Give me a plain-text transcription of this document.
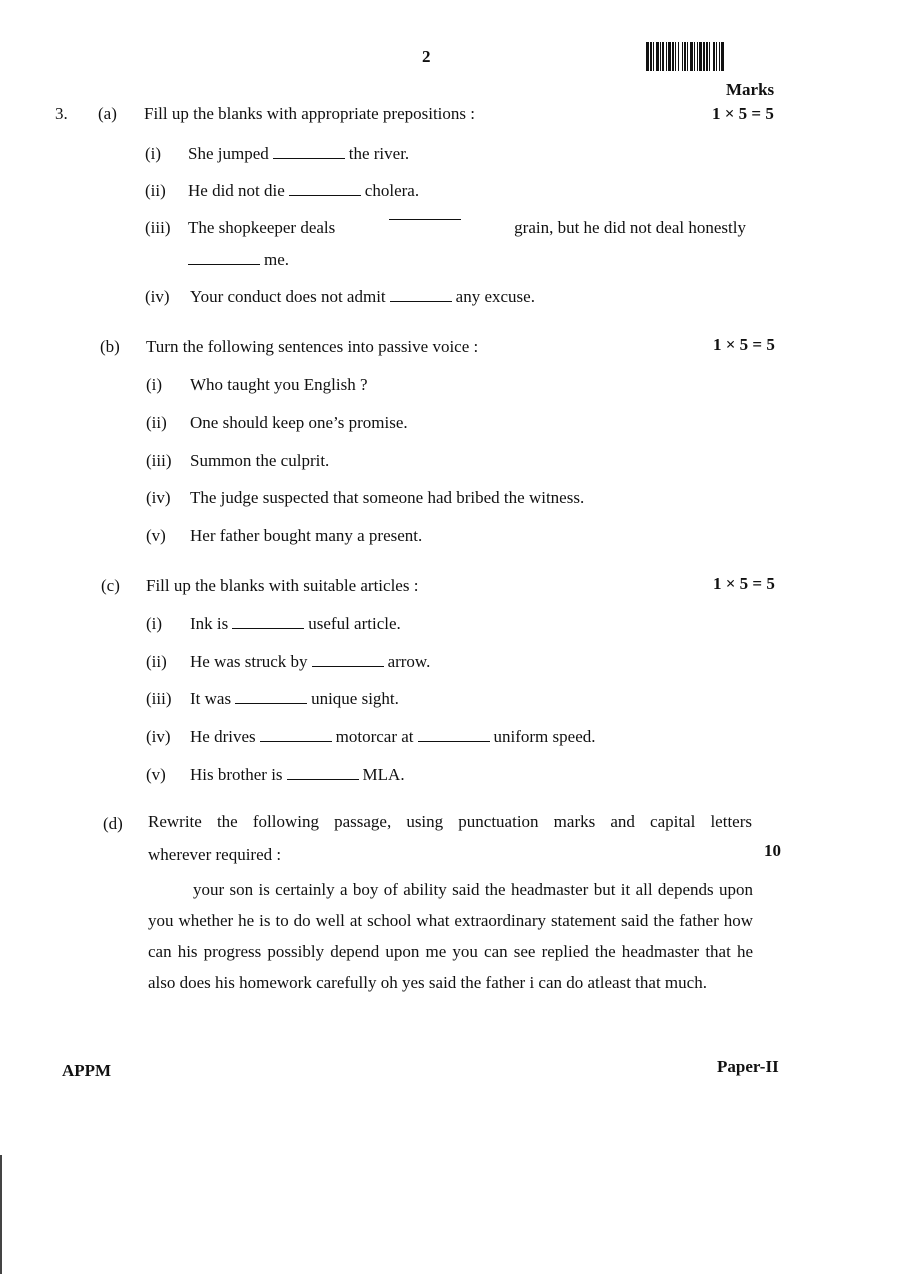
2
Marks
3. (a) Fill up the blanks with appropriate prepositions :	1 × 5 = 5
(i)	She jumped	the river.
(ii)	He did not die	cholera.
(iii)	The shopkeeper deals	grain, but he did not deal honestly
me.
(iv)	Your conduct does not admit	any excuse.
(b) Turn the following sentences into passive voice :	1 × 5 = 5
(i)	Who taught you English ?
(ii)	One should keep one’s promise.
(iii)	Summon the culprit.
(iv)	The judge suspected that someone had bribed the witness.
(v)	Her father bought many a present.
(c) Fill up the blanks with suitable articles :	1 × 5 = 5
(i)	Ink is	useful article.
(ii)	He was struck by	arrow.
(iii)	It was	unique sight.
(iv)	He drives	motorcar at	uniform speed.
(v)	His brother is	MLA.
(d) Rewrite the following passage, using punctuation marks and capital letters
wherever required :	10
your son is certainly a boy of ability said the headmaster but it all depends upon you whether he is to do well at school what extraordinary statement said the father how can his progress possibly depend upon me you can see replied the headmaster that he also does his homework carefully oh yes said the father i can do atleast that much.
APPM	Paper-II
